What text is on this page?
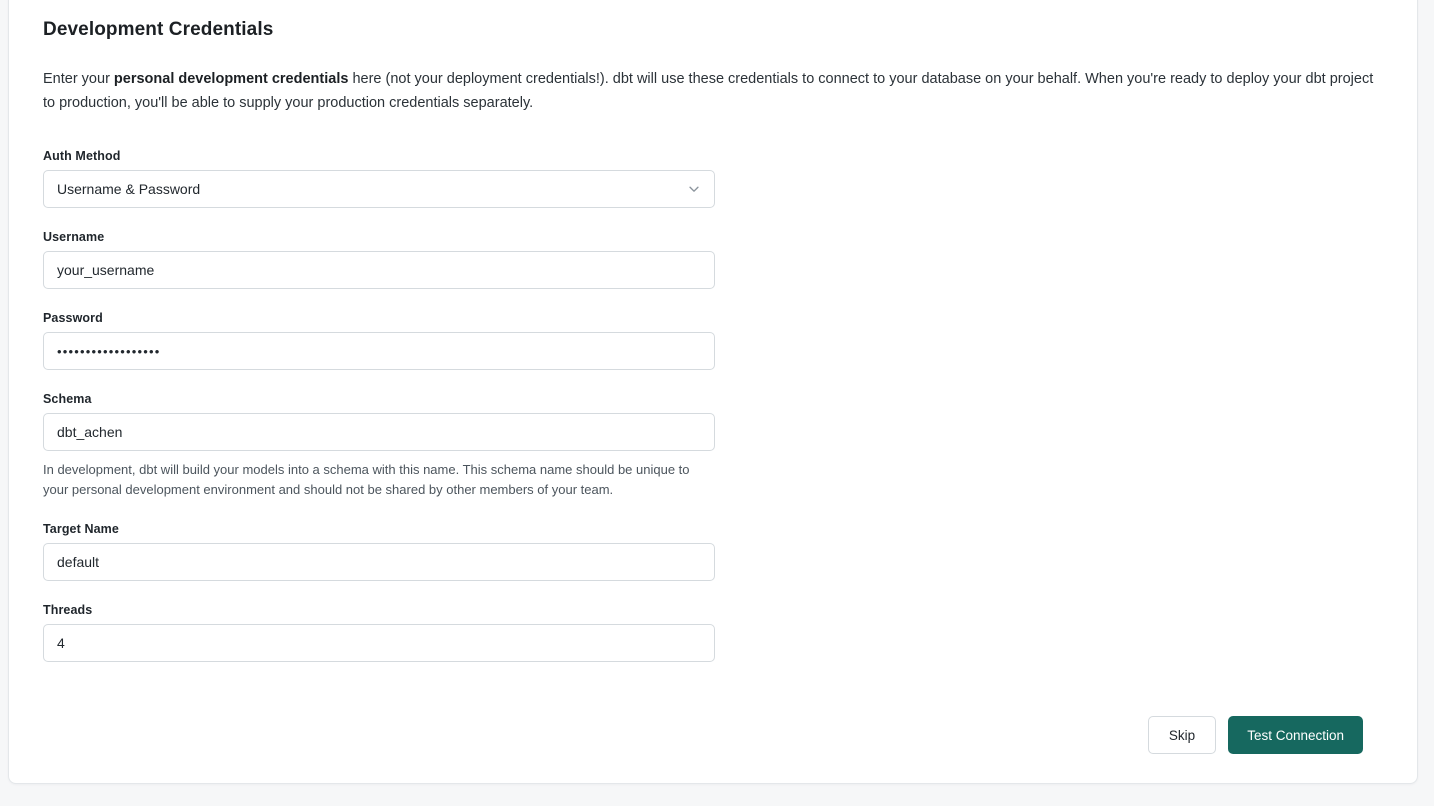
Development Credentials

Enter your personal development credentials here (not your deployment credentials!). dbt will use these credentials to connect to your database on your behalf. When you're ready to deploy your dbt project to production, you'll be able to supply your production credentials separately.

Auth Method
Username & Password
Username
your_username
Password
••••••••••••••••••
Schema
dbt_achen
In development, dbt will build your models into a schema with this name. This schema name should be unique to your personal development environment and should not be shared by other members of your team.
Target Name
default
Threads
4
Skip	Test Connection
